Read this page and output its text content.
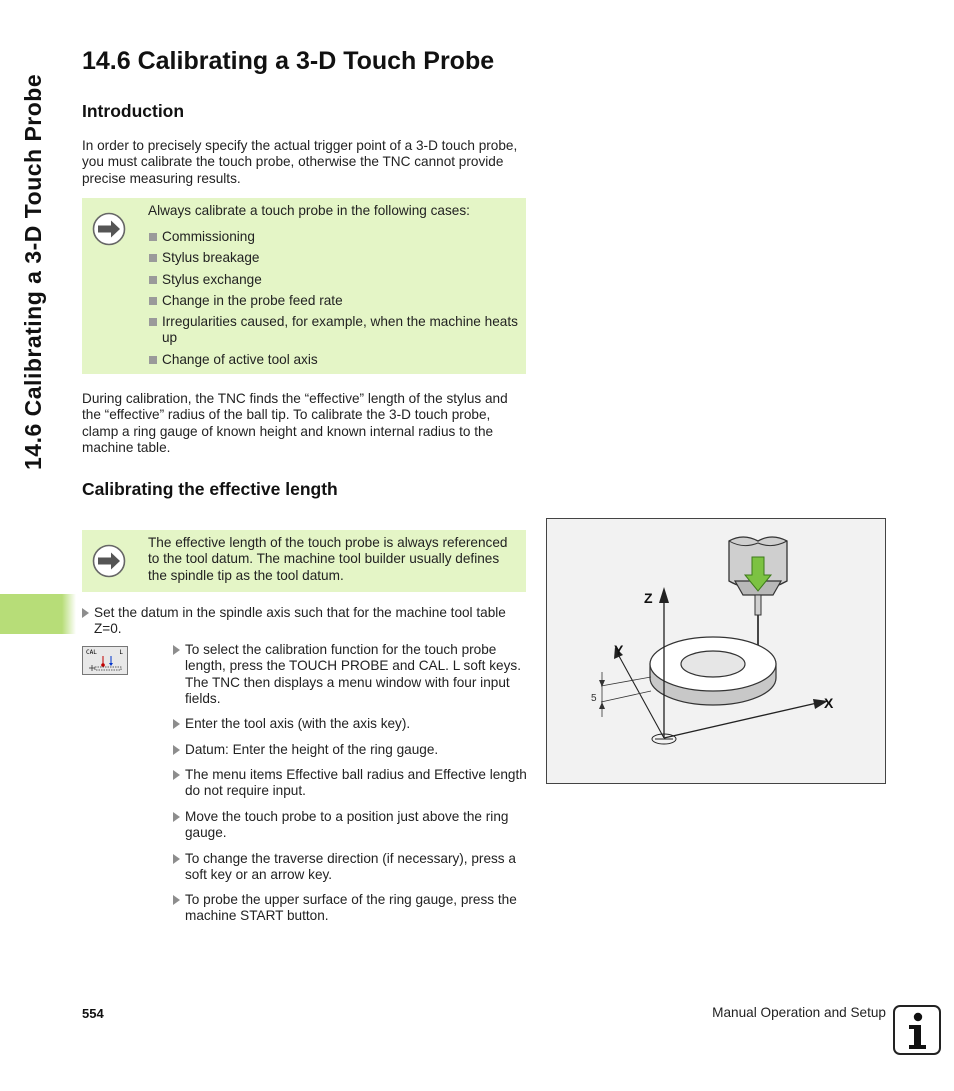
14.6 Calibrating a 3-D Touch Probe
14.6 Calibrating a 3-D Touch Probe
Introduction

In order to precisely specify the actual trigger point of a 3-D touch probe, you must calibrate the touch probe, otherwise the TNC cannot provide precise measuring results.

Always calibrate a touch probe in the following cases:
Commissioning
Stylus breakage
Stylus exchange
Change in the probe feed rate
Irregularities caused, for example, when the machine heats up
Change of active tool axis

During calibration, the TNC finds the “effective” length of the stylus and the “effective” radius of the ball tip. To calibrate the 3-D touch probe, clamp a ring gauge of known height and known internal radius to the machine table.

Calibrating the effective length
The effective length of the touch probe is always referenced to the tool datum. The machine tool builder usually defines the spindle tip as the tool datum.
Set the datum in the spindle axis such that for the machine tool table Z=0.
CAL	L	To select the calibration function for the touch probe length, press the TOUCH PROBE and CAL. L soft keys. The TNC then displays a menu window with four input fields.
Enter the tool axis (with the axis key).
Datum: Enter the height of the ring gauge.
The menu items Effective ball radius and Effective length do not require input.
Move the touch probe to a position just above the ring gauge.
To change the traverse direction (if necessary), press a soft key or an arrow key.
To probe the upper surface of the ring gauge, press the machine START button.
5
Z
Y
X
554	Manual Operation and Setup
